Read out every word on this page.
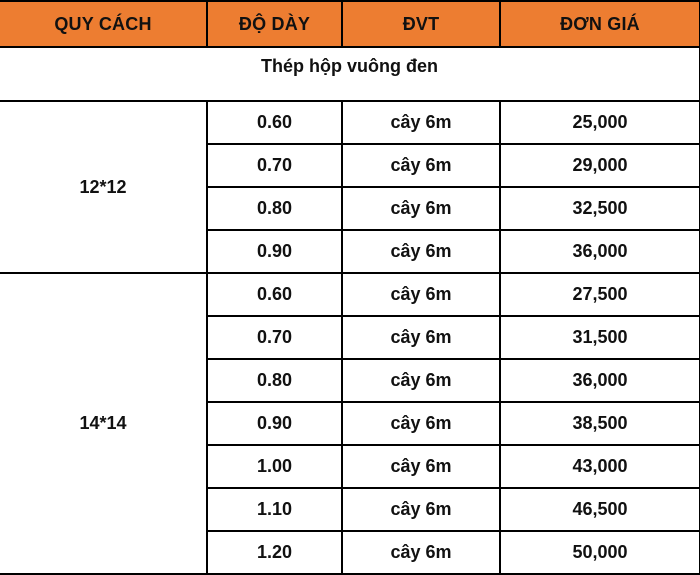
QUY CÁCH	ĐỘ DÀY	ĐVT	ĐƠN GIÁ
Thép hộp vuông đen			
12*12	0.60	cây 6m	25,000
	0.70	cây 6m	29,000
	0.80	cây 6m	32,500
	0.90	cây 6m	36,000
14*14	0.60	cây 6m	27,500
	0.70	cây 6m	31,500
	0.80	cây 6m	36,000
	0.90	cây 6m	38,500
	1.00	cây 6m	43,000
	1.10	cây 6m	46,500
	1.20	cây 6m	50,000
